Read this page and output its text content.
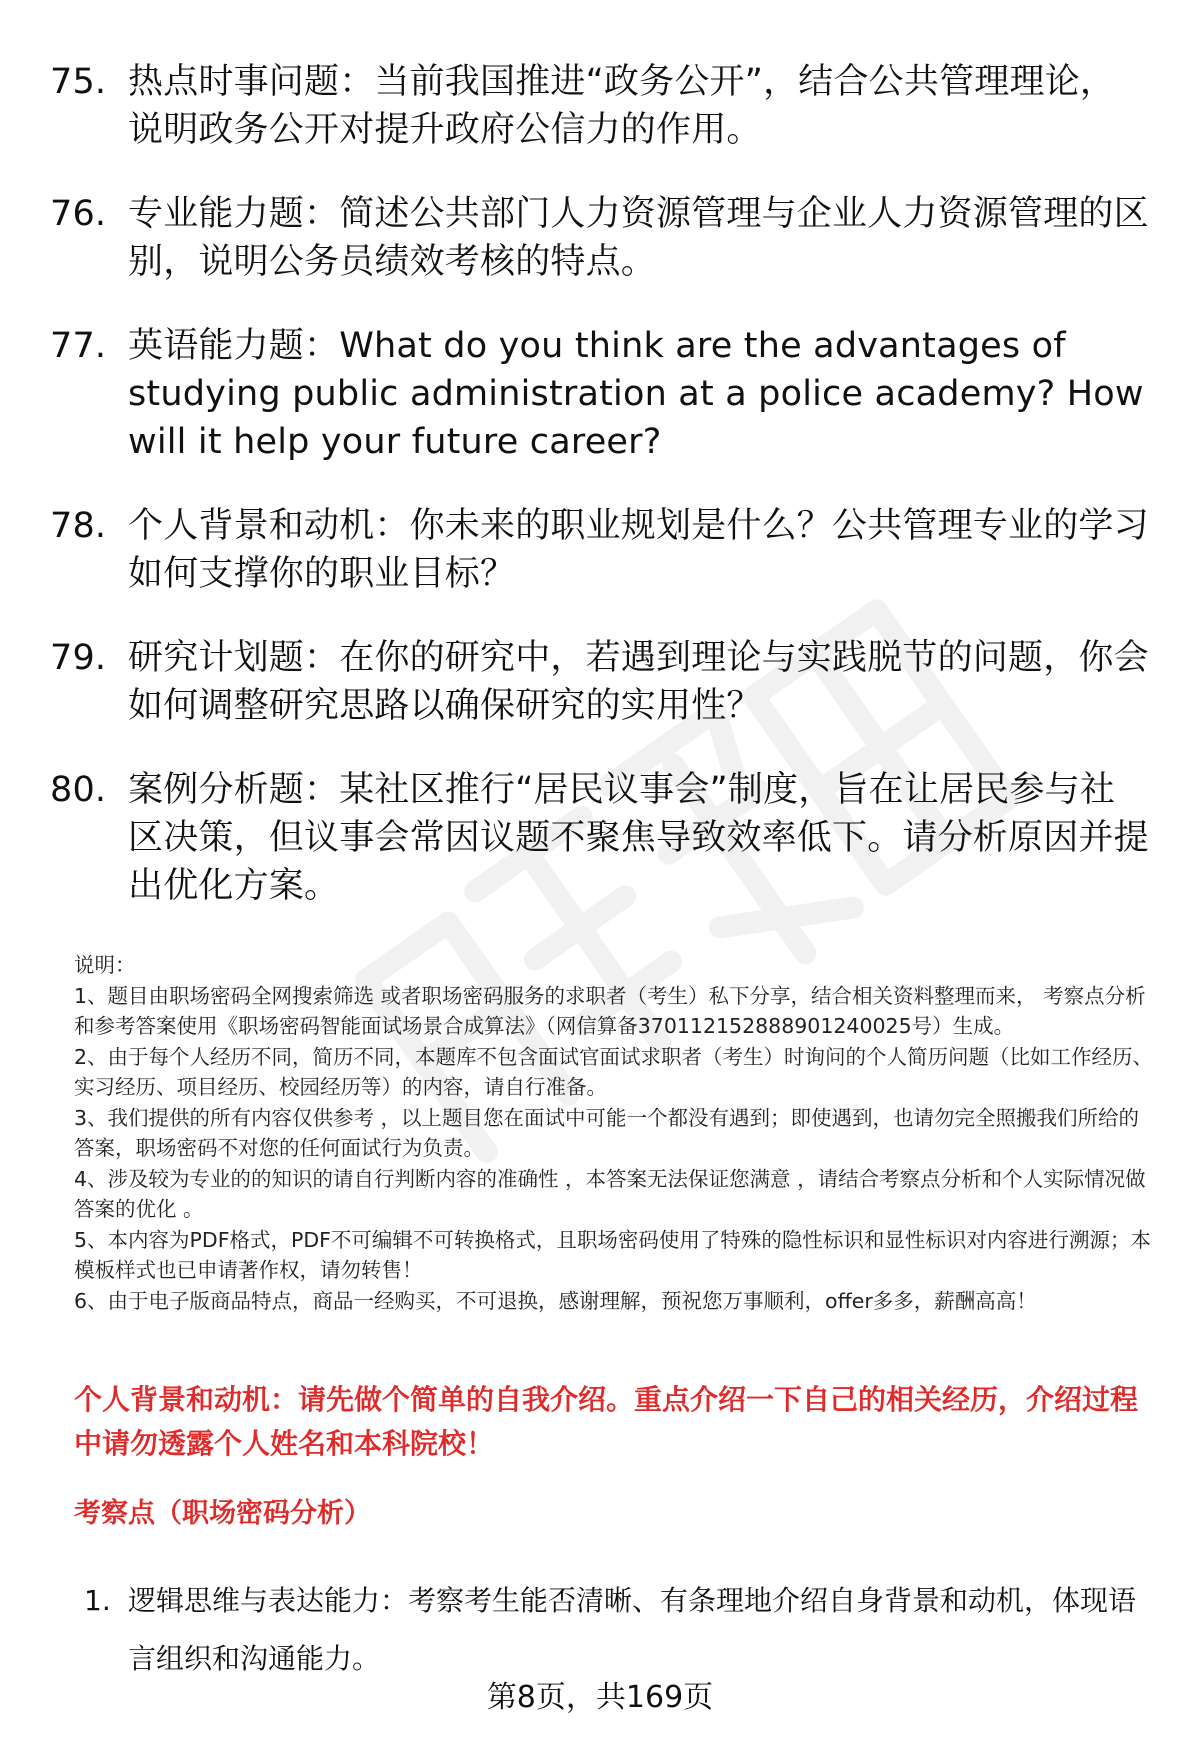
75. 热点时事问题：当前我国推进“政务公开”，结合公共管理理论，说明政务公开对提升政府公信力的作用。
76. 专业能力题：简述公共部门人力资源管理与企业人力资源管理的区别，说明公务员绩效考核的特点。
77. 英语能力题：What do you think are the advantages of studying public administration at a police academy? How will it help your future career?
78. 个人背景和动机：你未来的职业规划是什么？公共管理专业的学习如何支撑你的职业目标？
79. 研究计划题：在你的研究中，若遇到理论与实践脱节的问题，你会如何调整研究思路以确保研究的实用性？
80. 案例分析题：某社区推行“居民议事会”制度，旨在让居民参与社区决策，但议事会常因议题不聚焦导致效率低下。请分析原因并提出优化方案。

说明：

1、题目由职场密码全网搜索筛选 或者职场密码服务的求职者（考生）私下分享，结合相关资料整理而来， 考察点分析和参考答案使用《职场密码智能面试场景合成算法》（网信算备370112152888901240025号）生成。

2、由于每个人经历不同，简历不同，本题库不包含面试官面试求职者（考生）时询问的个人简历问题（比如工作经历、实习经历、项目经历、校园经历等）的内容，请自行准备。

3、我们提供的所有内容仅供参考 ，以上题目您在面试中可能一个都没有遇到；即使遇到，也请勿完全照搬我们所给的答案，职场密码不对您的任何面试行为负责。

4、涉及较为专业的的知识的请自行判断内容的准确性 ，本答案无法保证您满意 ，请结合考察点分析和个人实际情况做答案的优化 。

5、本内容为PDF格式，PDF不可编辑不可转换格式，且职场密码使用了特殊的隐性标识和显性标识对内容进行溯源；本模板样式也已申请著作权，请勿转售！

6、由于电子版商品特点，商品一经购买，不可退换，感谢理解，预祝您万事顺利，offer多多，薪酬高高！

个人背景和动机：请先做个简单的自我介绍。重点介绍一下自己的相关经历，介绍过程中请勿透露个人姓名和本科院校！
考察点（职场密码分析）
1. 逻辑思维与表达能力：考察考生能否清晰、有条理地介绍自身背景和动机，体现语言组织和沟通能力。
第8页，共169页
